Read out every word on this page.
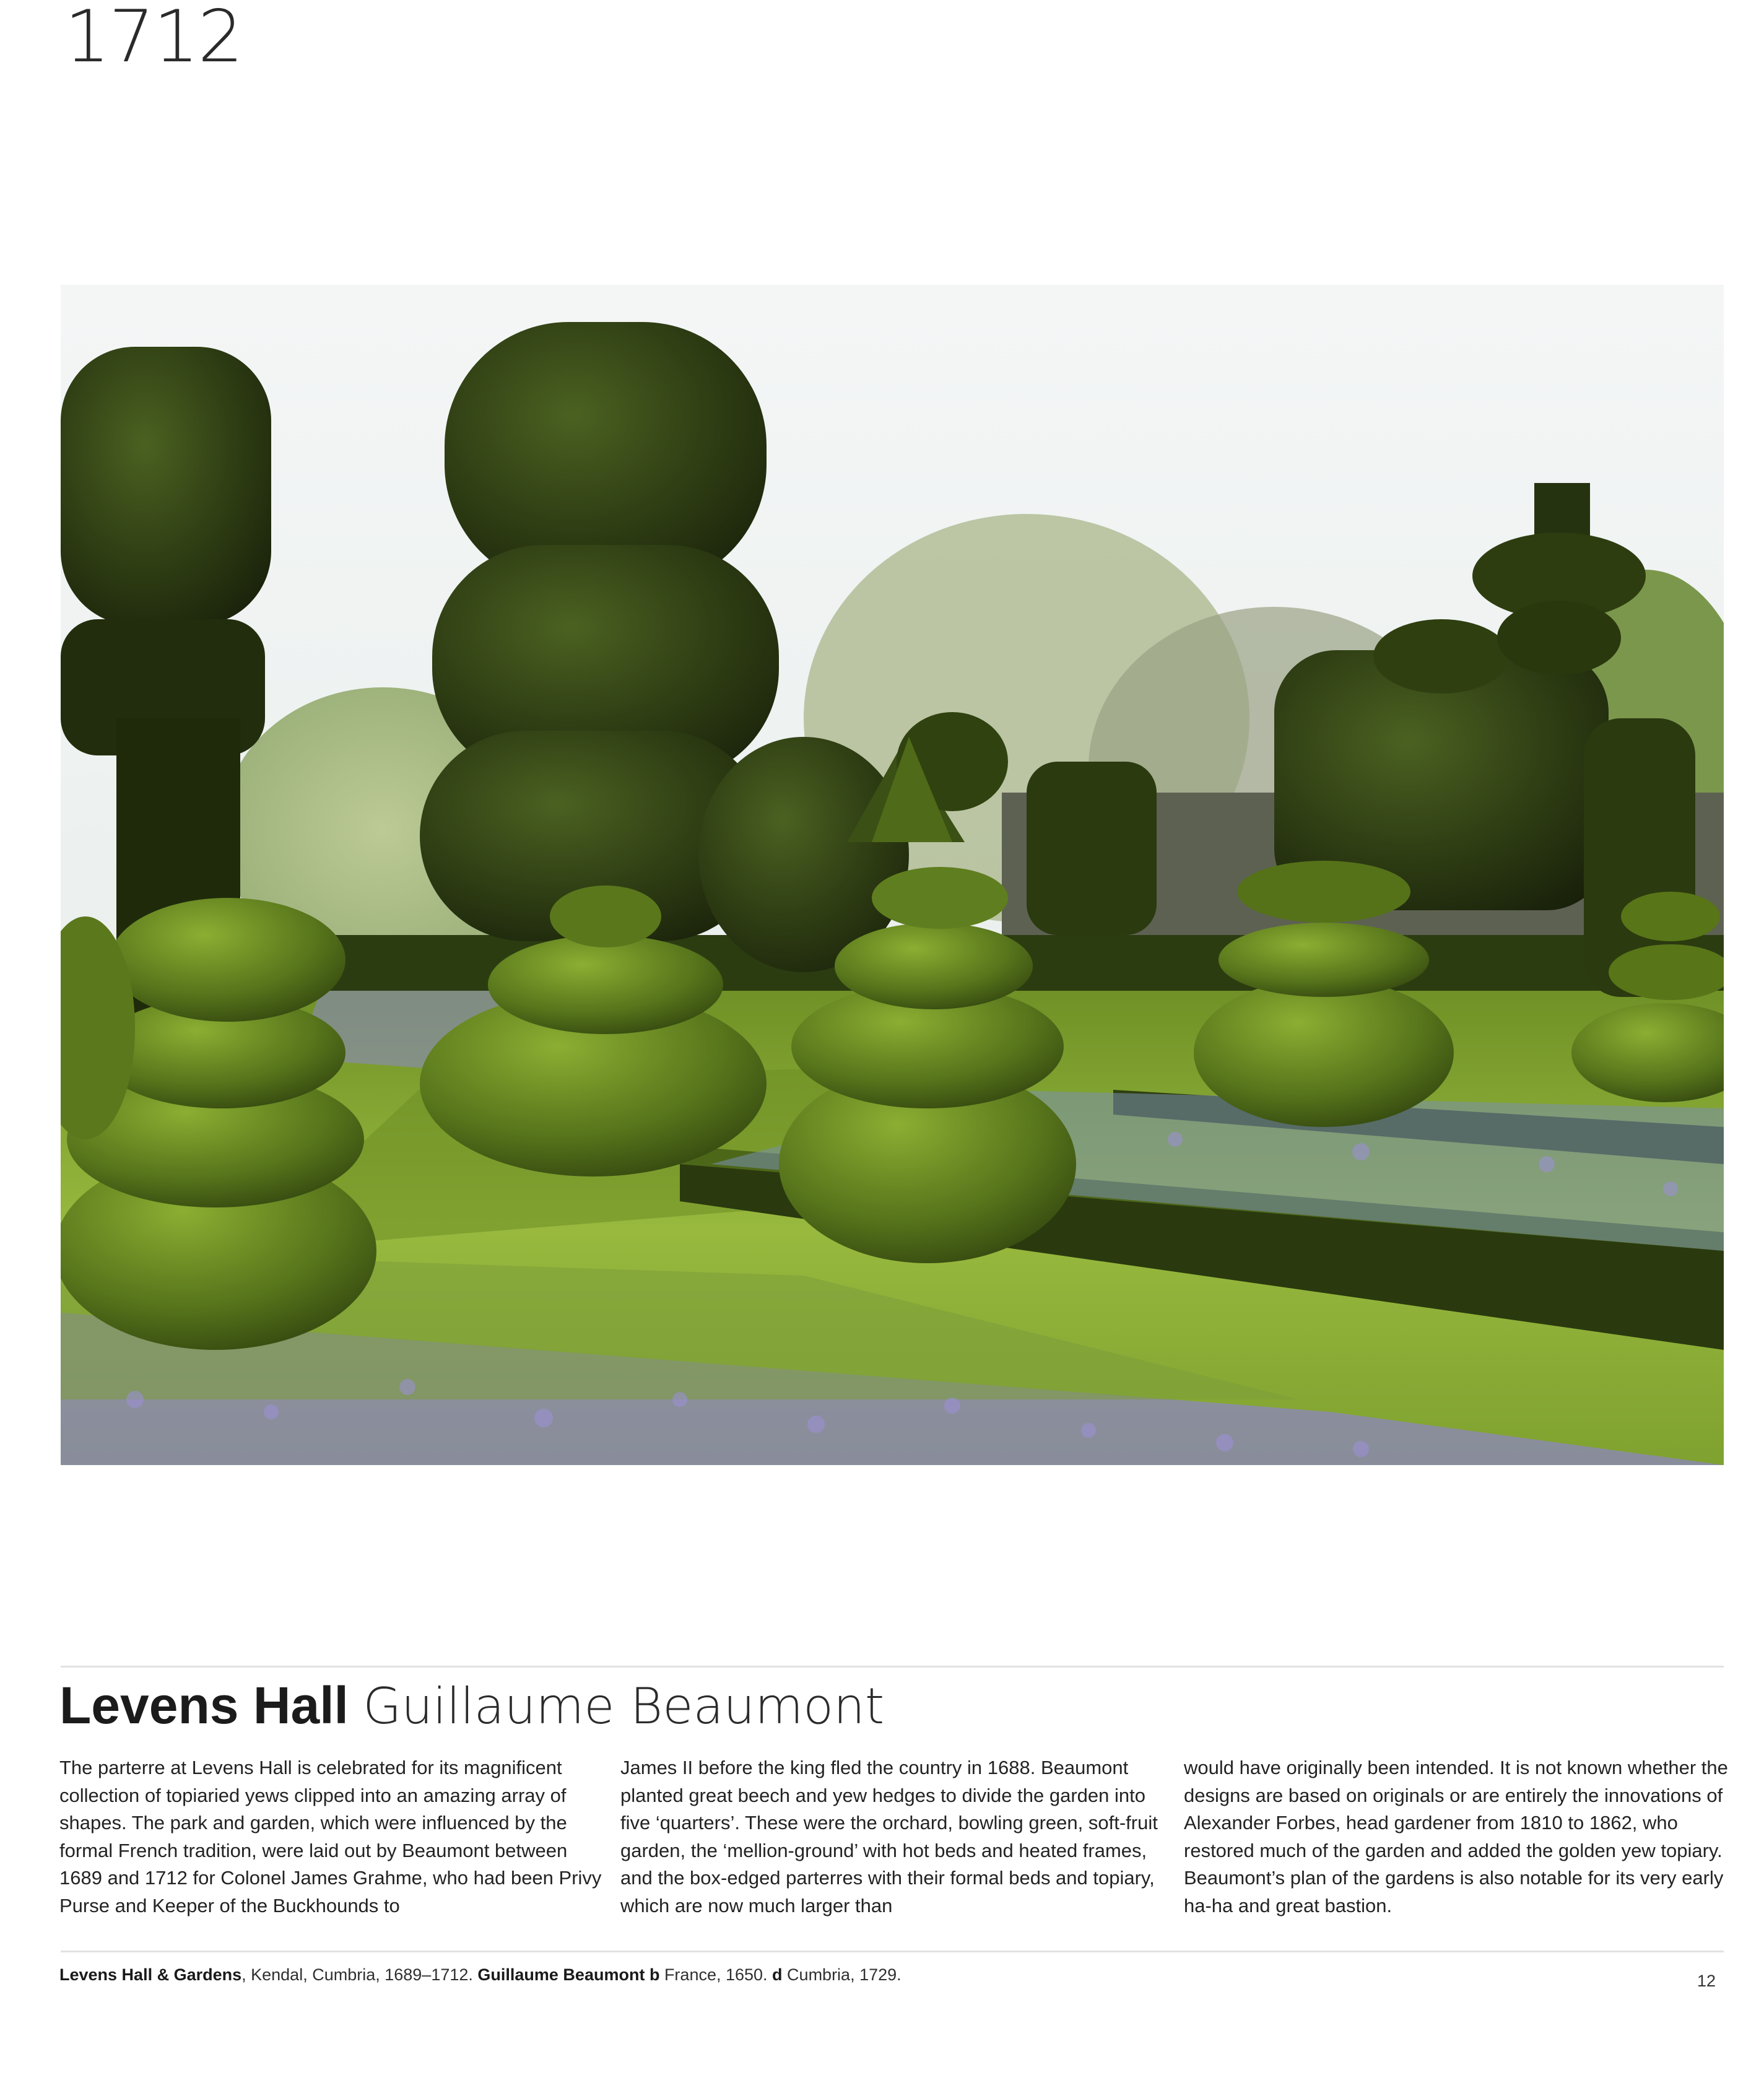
1712
Levens Hall Guillaume Beaumont
The parterre at Levens Hall is celebrated for its magnificent collection of topiaried yews clipped into an amazing array of shapes. The park and garden, which were influenced by the formal French tradition, were laid out by Beaumont between 1689 and 1712 for Colonel James Grahme, who had been Privy Purse and Keeper of the Buckhounds to
James II before the king fled the country in 1688. Beaumont planted great beech and yew hedges to divide the garden into five ‘quarters’. These were the orchard, bowling green, soft-fruit garden, the ‘mellion-ground’ with hot beds and heated frames, and the box-edged parterres with their formal beds and topiary, which are now much larger than
would have originally been intended. It is not known whether the designs are based on originals or are entirely the innovations of Alexander Forbes, head gardener from 1810 to 1862, who restored much of the garden and added the golden yew topiary. Beaumont’s plan of the gardens is also notable for its very early ha-ha and great bastion.
Levens Hall & Gardens, Kendal, Cumbria, 1689–1712. Guillaume Beaumont b France, 1650. d Cumbria, 1729.	12
